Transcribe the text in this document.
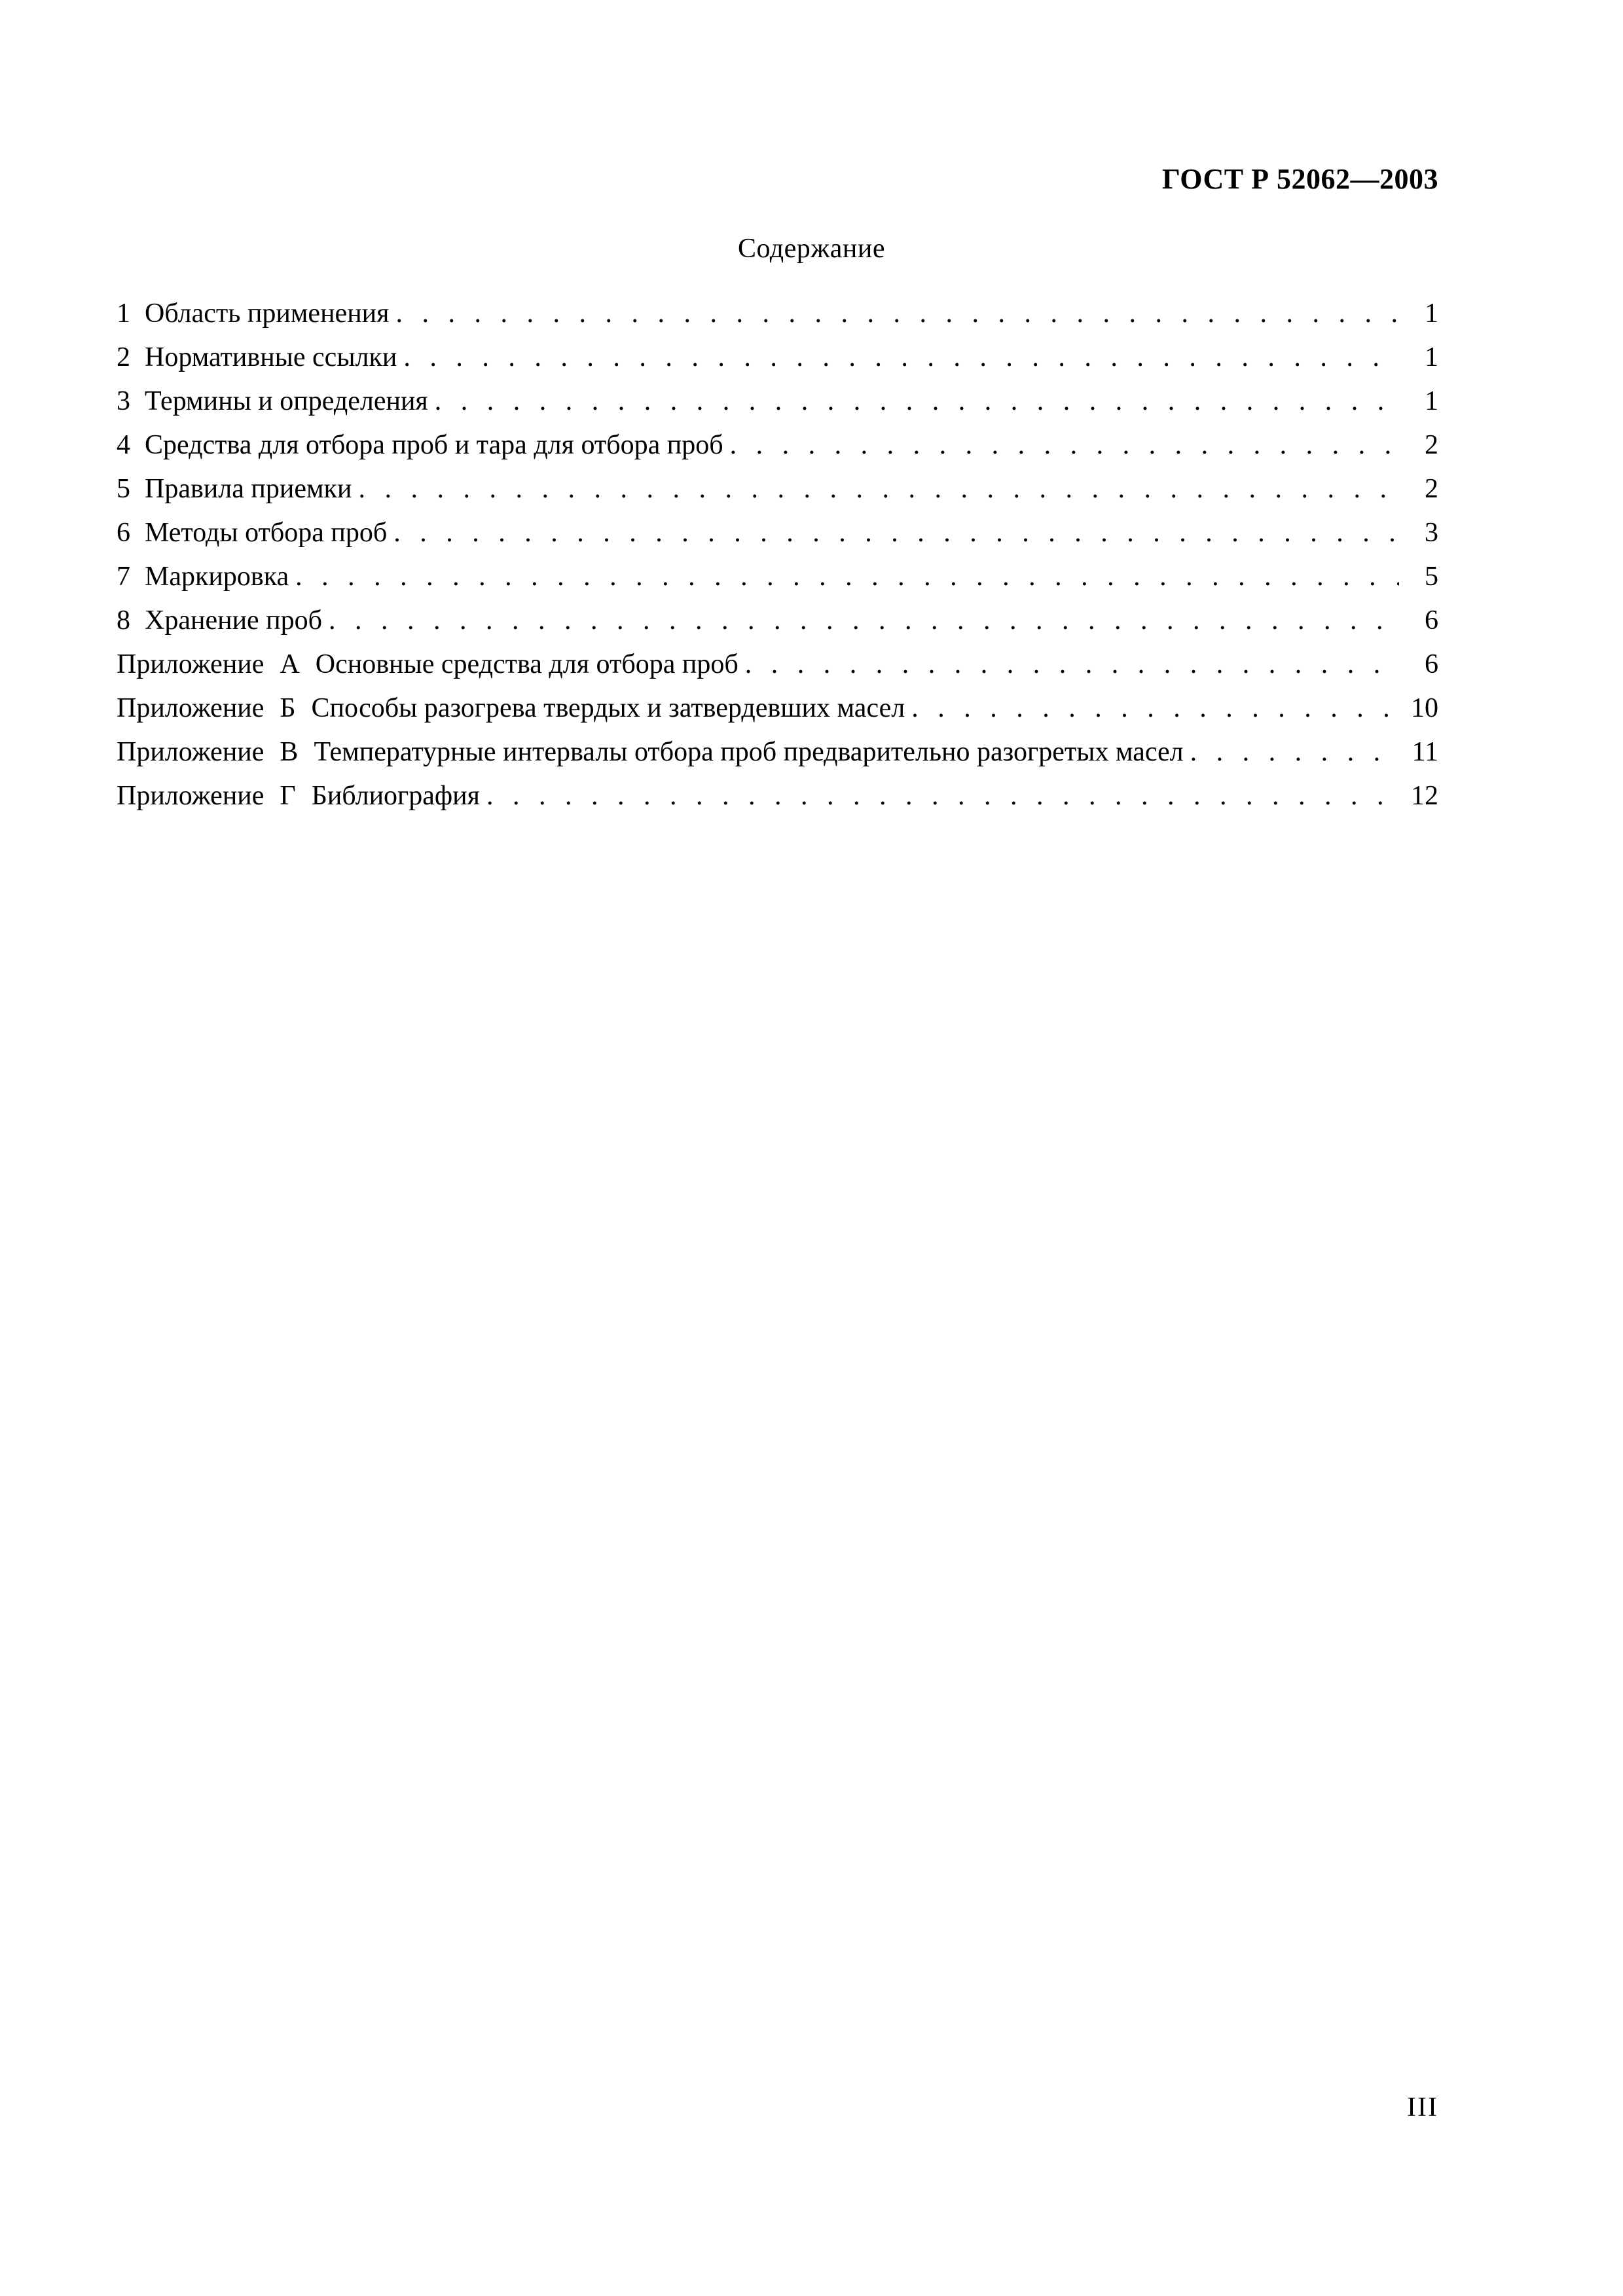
ГОСТ Р 52062—2003
Содержание
1 Область применения . . .	1
2 Нормативные ссылки . . .	1
3 Термины и определения . . .	1
4 Средства для отбора проб и тара для отбора проб . . .	2
5 Правила приемки . . .	2
6 Методы отбора проб . . .	3
7 Маркировка . . .	5
8 Хранение проб . . .	6
Приложение А Основные средства для отбора проб . . .	6
Приложение Б Способы разогрева твердых и затвердевших масел . . .	10
Приложение В Температурные интервалы отбора проб предварительно разогретых масел . . .	11
Приложение Г Библиография . . .	12
III
